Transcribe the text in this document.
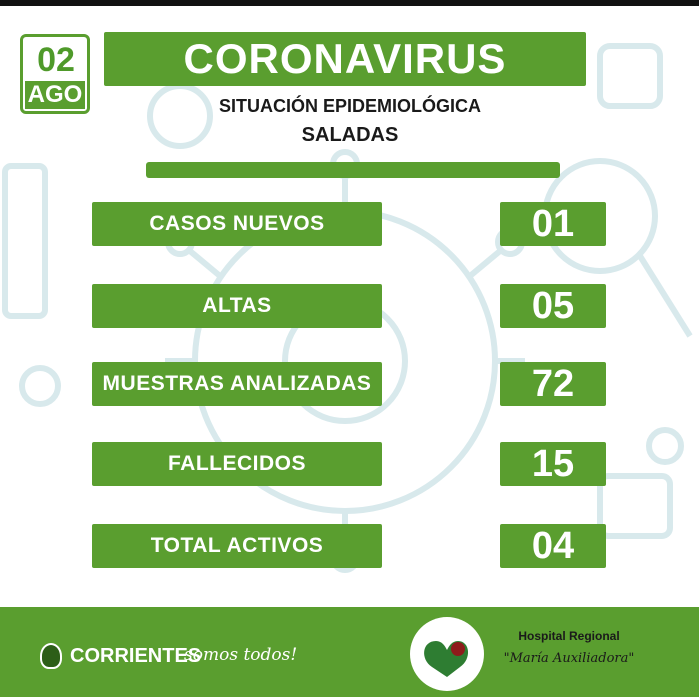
02
AGO
CORONAVIRUS
SITUACIÓN EPIDEMIOLÓGICA
SALADAS
CASOS NUEVOS	01
ALTAS	05
MUESTRAS ANALIZADAS	72
FALLECIDOS	15
TOTAL ACTIVOS	04
CORRIENTES
somos todos!
Hospital Regional
"María Auxiliadora"
